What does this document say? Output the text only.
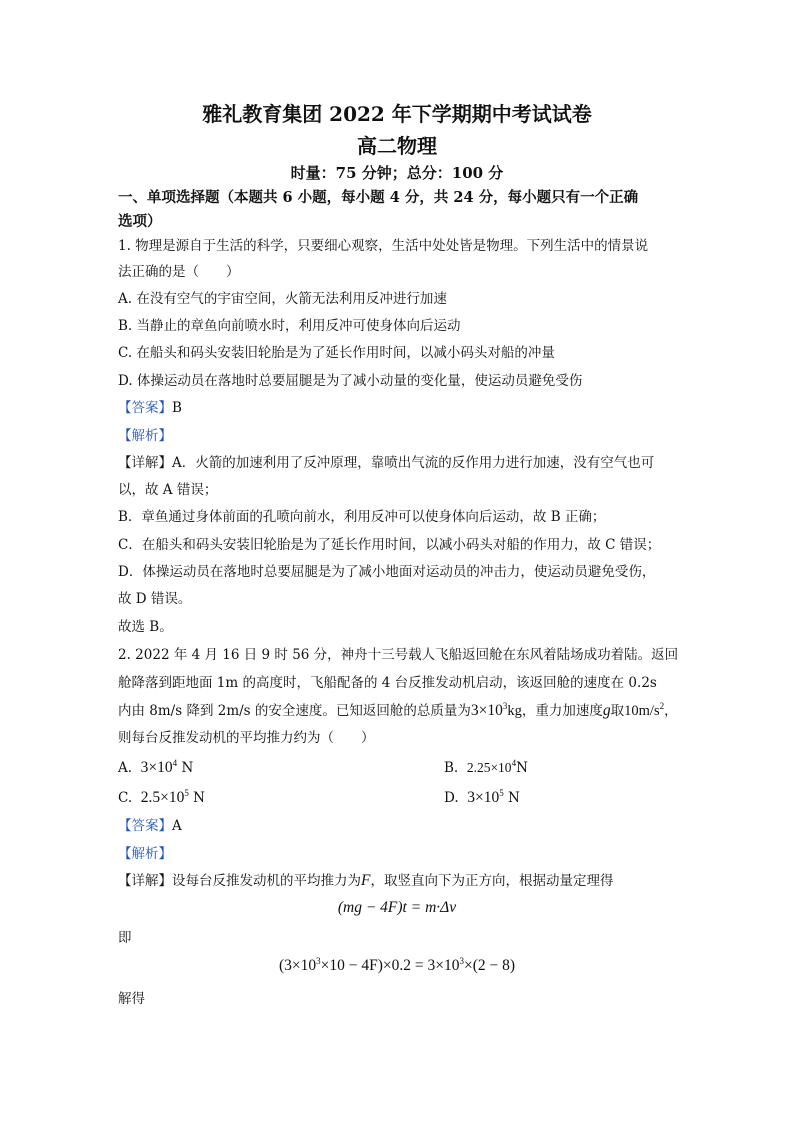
雅礼教育集团 2022 年下学期期中考试试卷
高二物理
时量：75 分钟；总分：100 分
一、单项选择题（本题共 6 小题，每小题 4 分，共 24 分，每小题只有一个正确
选项）
1. 物理是源自于生活的科学，只要细心观察，生活中处处皆是物理。下列生活中的情景说
法正确的是（　　）
A. 在没有空气的宇宙空间，火箭无法利用反冲进行加速
B. 当静止的章鱼向前喷水时，利用反冲可使身体向后运动
C. 在船头和码头安装旧轮胎是为了延长作用时间，以减小码头对船的冲量
D. 体操运动员在落地时总要屈腿是为了减小动量的变化量，使运动员避免受伤
【答案】B
【解析】
【详解】A．火箭的加速利用了反冲原理，靠喷出气流的反作用力进行加速，没有空气也可
以，故 A 错误；
B．章鱼通过身体前面的孔喷向前水，利用反冲可以使身体向后运动，故 B 正确；
C．在船头和码头安装旧轮胎是为了延长作用时间，以减小码头对船的作用力，故 C 错误；
D．体操运动员在落地时总要屈腿是为了减小地面对运动员的冲击力，使运动员避免受伤，
故 D 错误。
故选 B。
2. 2022 年 4 月 16 日 9 时 56 分，神舟十三号载人飞船返回舱在东风着陆场成功着陆。返回
舱降落到距地面 1m 的高度时，飞船配备的 4 台反推发动机启动，该返回舱的速度在 0.2s
内由 8m/s 降到 2m/s 的安全速度。已知返回舱的总质量为$3\times 10^3kg$，重力加速度g取$10m/s^2$，
则每台反推发动机的平均推力约为（　　）
A. $3\times 10^4$ N	B. $2.25\times 10^4N$
C. $2.5\times 10^5$ N	D. $3\times 10^5$ N
【答案】A
【解析】
【详解】设每台反推发动机的平均推力为F，取竖直向下为正方向，根据动量定理得
(mg − 4F)t = m·Δv
即
$(3\times 10^3\times 10 - 4F)\times 0.2 = 3\times 10^3\times(2 - 8)$
解得
